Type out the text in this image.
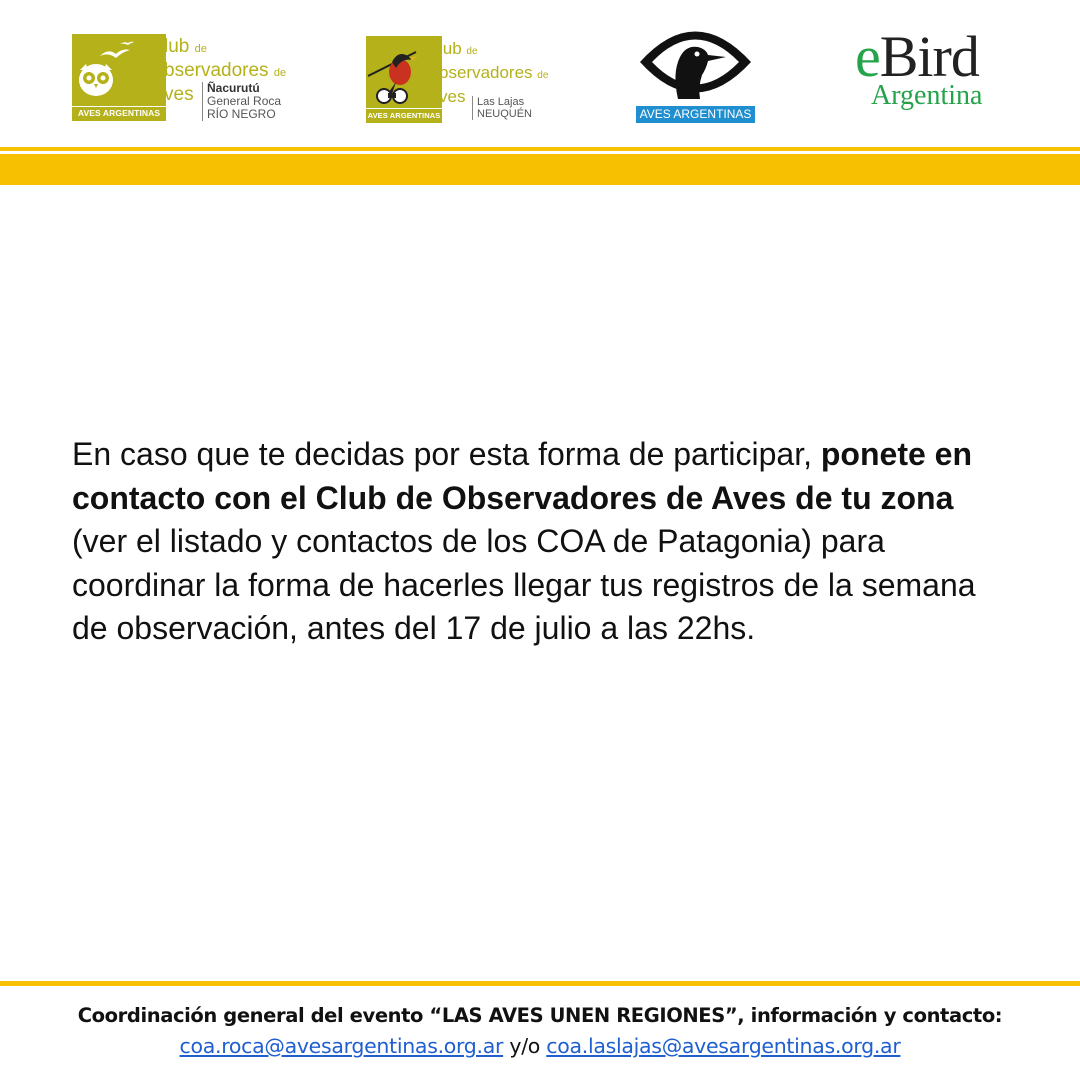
AVES ARGENTINAS
C
O
A
lub de
bservadores de
ves	Ñacurutú
General Roca
RÍO NEGRO	AVES ARGENTINAS
C
O
A
lub de
bservadores de
ves	Las Lajas
NEUQUÉN	AVES ARGENTINAS
eBird
Argentina
En caso que te decidas por esta forma de participar, ponete en contacto con el Club de Observadores de Aves de tu zona (ver el listado y contactos de los COA de Patagonia) para coordinar la forma de hacerles llegar tus registros de la semana de observación, antes del 17 de julio a las 22hs.
Coordinación general del evento “LAS AVES UNEN REGIONES”, información y contacto:
coa.roca@avesargentinas.org.ar y/o coa.laslajas@avesargentinas.org.ar
